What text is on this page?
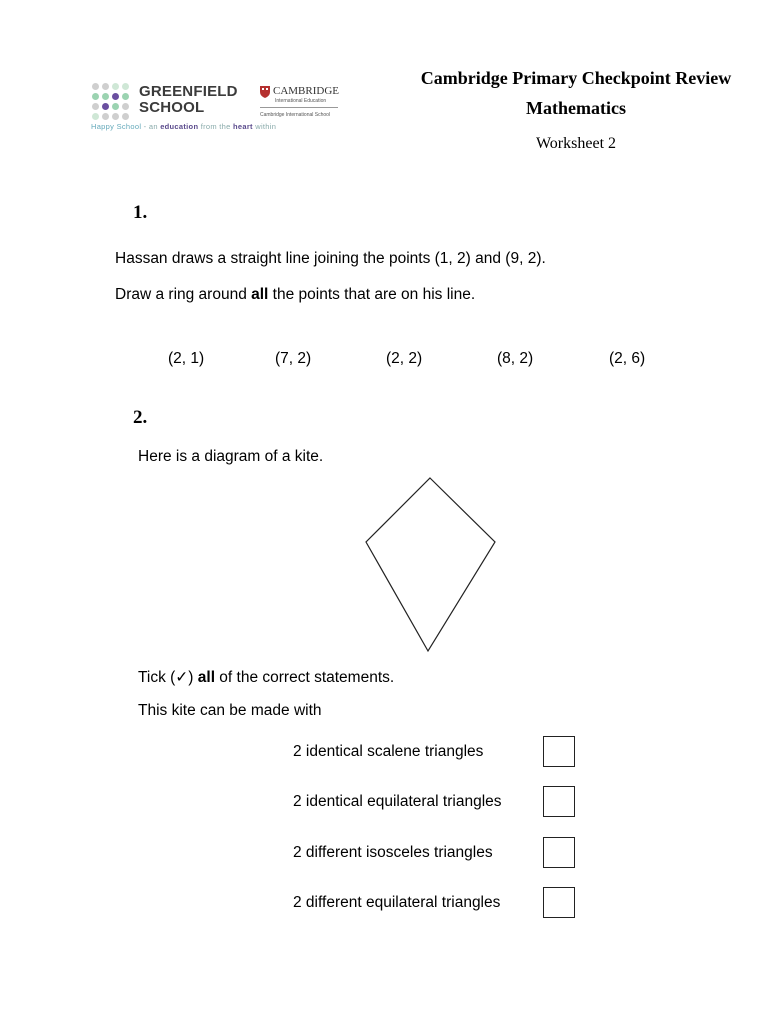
GREENFIELD
SCHOOL
CAMBRIDGE
International Education
Cambridge International School
Happy School - an education from the heart within
Cambridge Primary Checkpoint Review
Mathematics
Worksheet 2
1.
Hassan draws a straight line joining the points (1, 2) and (9, 2).
Draw a ring around all the points that are on his line.
(2, 1)	(7, 2)	(2, 2)	(8, 2)	(2, 6)
2.
Here is a diagram of a kite.
Tick (✓) all of the correct statements.
This kite can be made with
2 identical scalene triangles
2 identical equilateral triangles
2 different isosceles triangles
2 different equilateral triangles
